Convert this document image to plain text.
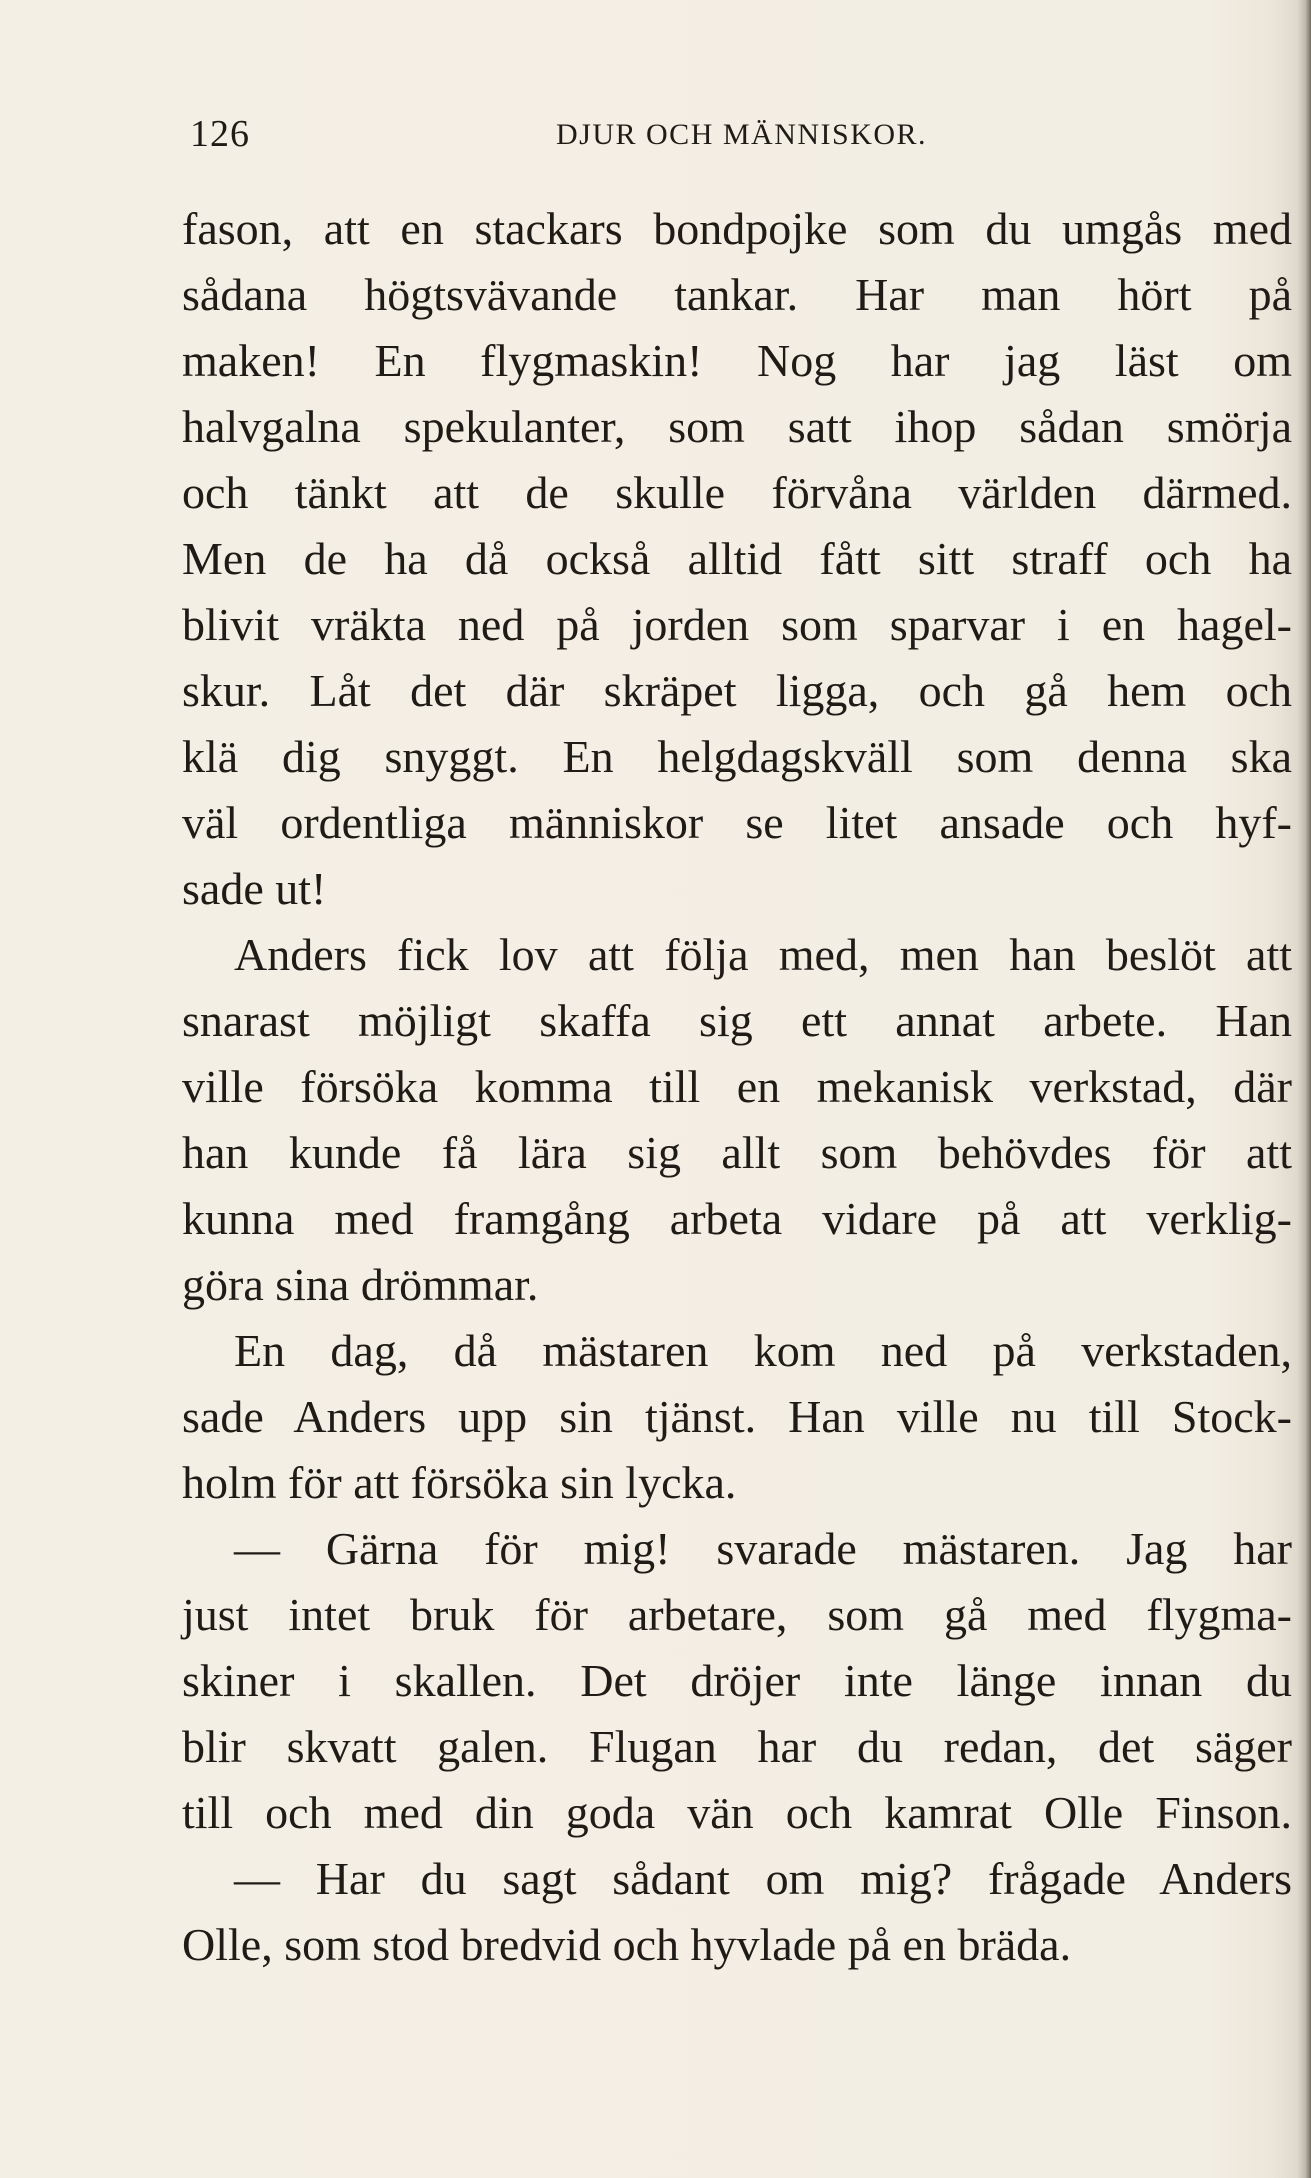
126	DJUR OCH MÄNNISKOR.
fason, att en stackars bondpojke som du umgås med
sådana högtsvävande tankar. Har man hört på
maken! En flygmaskin! Nog har jag läst om
halvgalna spekulanter, som satt ihop sådan smörja
och tänkt att de skulle förvåna världen därmed.
Men de ha då också alltid fått sitt straff och ha
blivit vräkta ned på jorden som sparvar i en hagel-
skur. Låt det där skräpet ligga, och gå hem och
klä dig snyggt. En helgdagskväll som denna ska
väl ordentliga människor se litet ansade och hyf-
sade ut!
Anders fick lov att följa med, men han beslöt att
snarast möjligt skaffa sig ett annat arbete. Han
ville försöka komma till en mekanisk verkstad, där
han kunde få lära sig allt som behövdes för att
kunna med framgång arbeta vidare på att verklig-
göra sina drömmar.
En dag, då mästaren kom ned på verkstaden,
sade Anders upp sin tjänst. Han ville nu till Stock-
holm för att försöka sin lycka.
— Gärna för mig! svarade mästaren. Jag har
just intet bruk för arbetare, som gå med flygma-
skiner i skallen. Det dröjer inte länge innan du
blir skvatt galen. Flugan har du redan, det säger
till och med din goda vän och kamrat Olle Finson.
— Har du sagt sådant om mig? frågade Anders
Olle, som stod bredvid och hyvlade på en bräda.
